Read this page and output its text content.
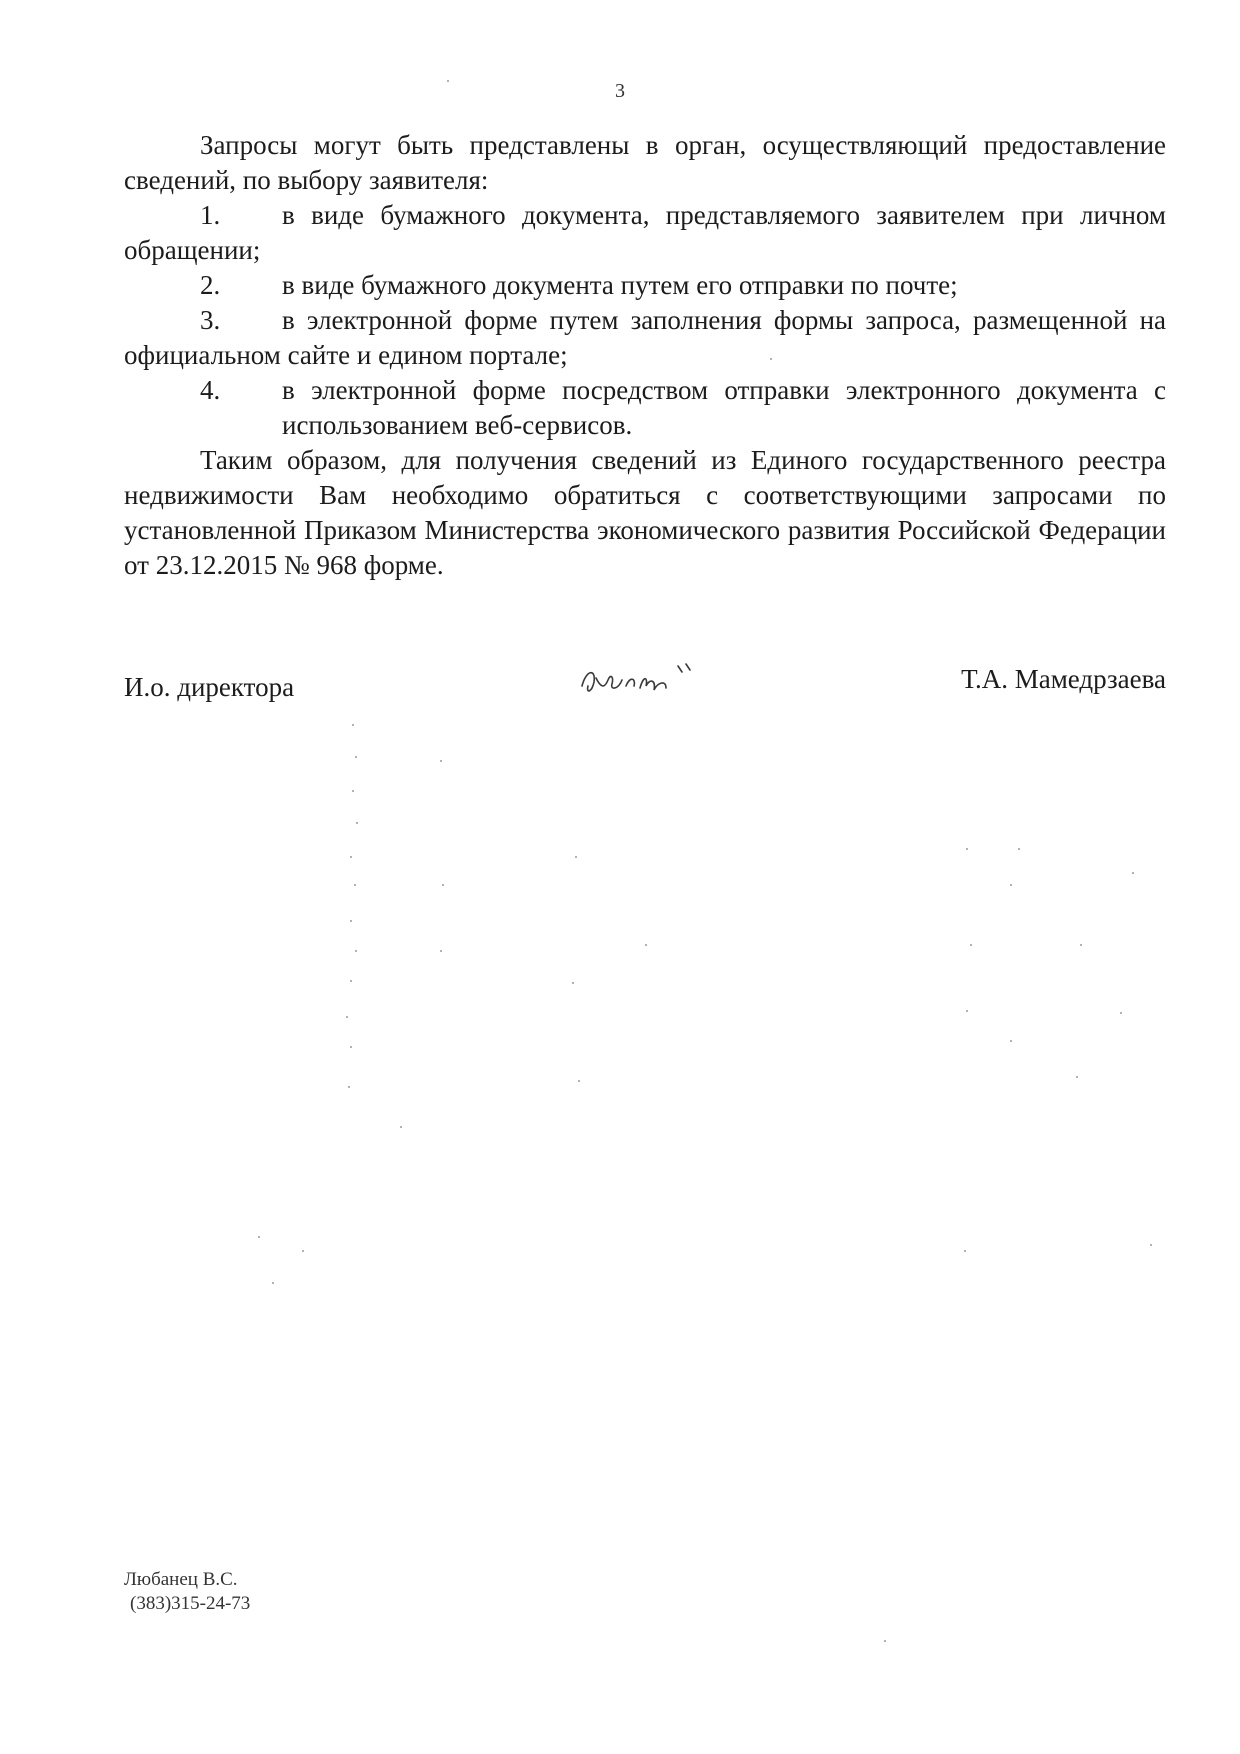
3

Запросы могут быть представлены в орган, осуществляющий предоставление сведений, по выбору заявителя:

1. в виде бумажного документа, представляемого заявителем при личном обращении;

2. в виде бумажного документа путем его отправки по почте;

3. в электронной форме путем заполнения формы запроса, размещенной на официальном сайте и едином портале;

4. в электронной форме посредством отправки электронного документа с использованием веб-сервисов.

Таким образом, для получения сведений из Единого государственного реестра недвижимости Вам необходимо обратиться с соответствующими запросами по установленной Приказом Министерства экономического развития Российской Федерации от 23.12.2015 № 968 форме.

И.о. директора	Т.А. Мамедрзаева
Любанец В.С.
(383)315-24-73
